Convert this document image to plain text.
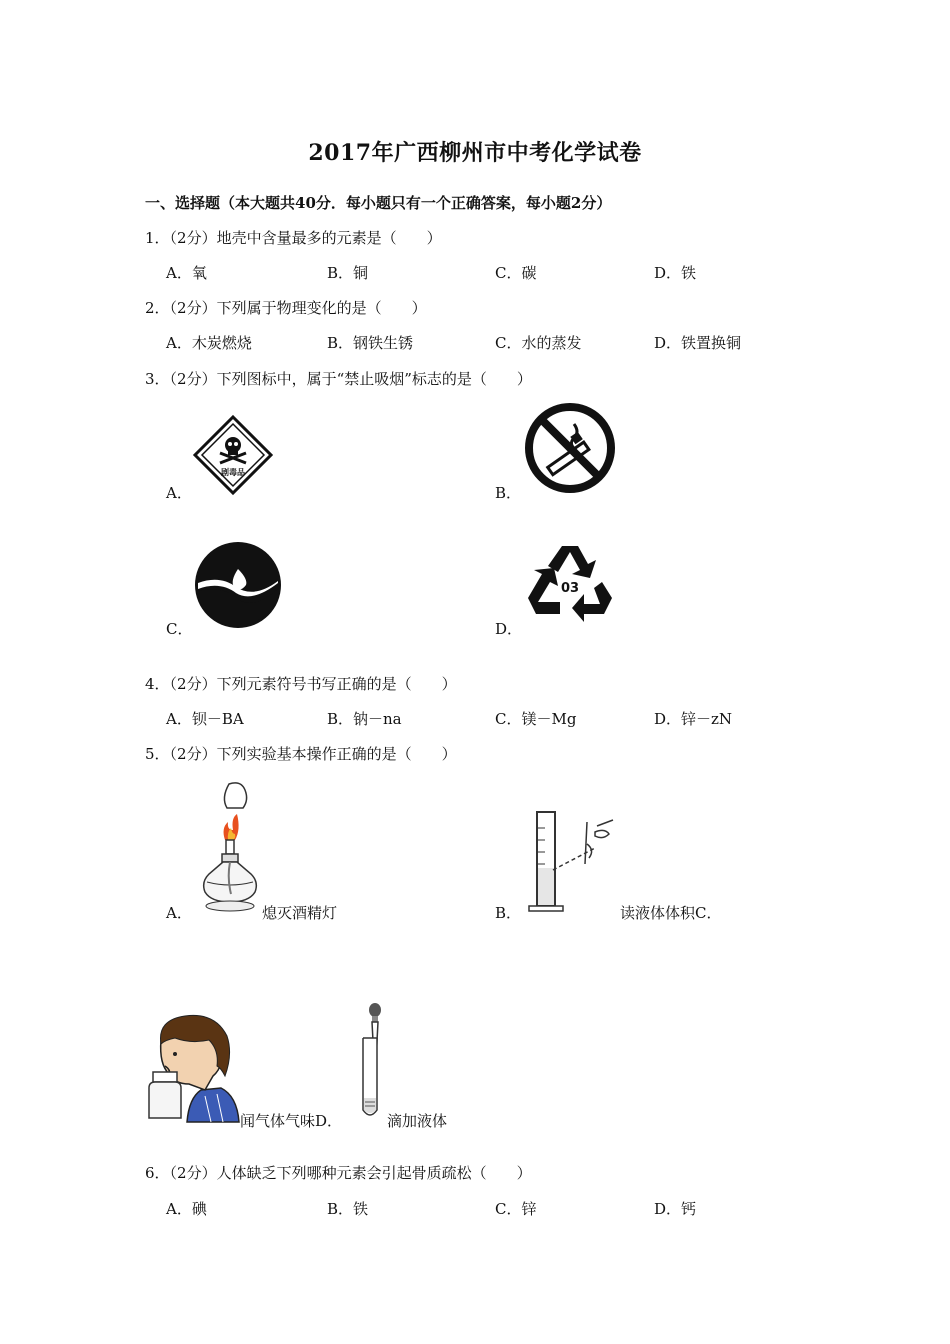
2017年广西柳州市中考化学试卷
一、选择题（本大题共40分．每小题只有一个正确答案，每小题2分）
1．（2分）地壳中含量最多的元素是（　　）
A．氧	B．铜	C．碳	D．铁
2．（2分）下列属于物理变化的是（　　）
A．木炭燃烧	B．钢铁生锈	C．水的蒸发	D．铁置换铜
3．（2分）下列图标中，属于“禁止吸烟”标志的是（　　）
A．
剧毒品
B．
C．	D．
03
4．（2分）下列元素符号书写正确的是（　　）
A．钡－BA	B．钠－na	C．镁－Mg	D．锌－zN
5．（2分）下列实验基本操作正确的是（　　）
A．	熄灭酒精灯	B．	读液体体积C．
闻气体气味D．	滴加液体
6．（2分）人体缺乏下列哪种元素会引起骨质疏松（　　）
A．碘	B．铁	C．锌	D．钙
